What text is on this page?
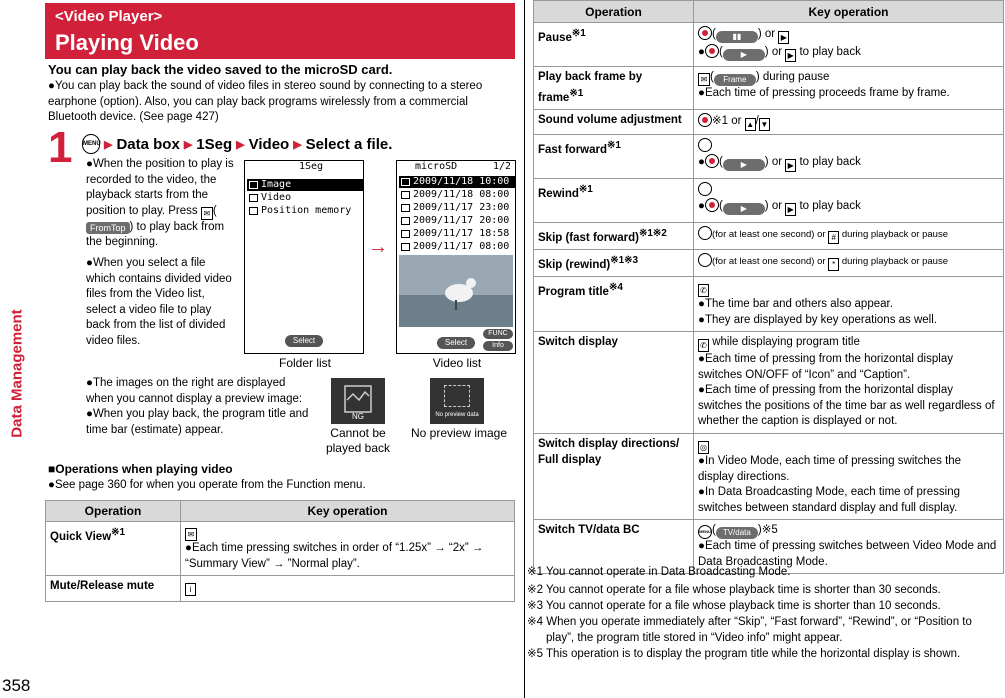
Data Management
358
<Video Player>
Playing Video
You can play back the video saved to the microSD card.
●You can play back the sound of video files in stereo sound by connecting to a stereo earphone (option). Also, you can play back programs wirelessly from a commercial Bluetooth device. (See page 427)
1 MENU ▶ Data box ▶ 1Seg ▶ Video ▶ Select a file.
●When the position to play is recorded to the video, the playback starts from the position to play. Press ✉ (FromTop ) to play back from the beginning.
●When you select a file which contains divided video files from the Video list, select a video file to play back from the list of divided video files.
1Seg
Image
Video
Position memory
Select
Folder list
→
microSD	1/2
2009/11/18 10:00
2009/11/18 08:00
2009/11/17 23:00
2009/11/17 20:00
2009/11/17 18:58
2009/11/17 08:00
FUNC
Info
Select
Video list
●The images on the right are displayed when you cannot display a preview image:
●When you play back, the program title and time bar (estimate) appear.
NG	No preview data
Cannot be played back
No preview image
■Operations when playing video
●See page 360 for when you operate from the Function menu.
Operation	Key operation
Quick View$^{※1}$	✉
●Each time pressing switches in order of “1.25x” → “2x” → “Summary View” → ”Normal play”.
Mute/Release mute	i
Operation	Key operation
Pause$^{※1}$	( ▮▮ ) or ▶
● ( ▶ ) or ▶ to play back
Play back frame by frame$^{※1}$	✉ ( Frame ) during pause
●Each time of pressing proceeds frame by frame.
Sound volume adjustment	※1 or ▲ / ▼
Fast forward$^{※1}$	● ( ▶ ) or ▶ to play back
Rewind$^{※1}$	● ( ▶ ) or ▶ to play back
Skip (fast forward)$^{※1※2}$	(for at least one second) or # during playback or pause
Skip (rewind)$^{※1※3}$	(for at least one second) or * during playback or pause
Program title$^{※4}$	✆
●The time bar and others also appear.
●They are displayed by key operations as well.
Switch display	✆ while displaying program title
●Each time of pressing from the horizontal display switches ON/OFF of “Icon” and “Caption”.
●Each time of pressing from the horizontal display switches the positions of the time bar as well regardless of whether the caption is displayed or not.
Switch display directions/ Full display	◎
●In Video Mode, each time of pressing switches the display directions.
●In Data Broadcasting Mode, each time of pressing switches between standard display and full display.
Switch TV/data BC	MENU( TV/data )※5
●Each time of pressing switches between Video Mode and Data Broadcasting Mode.
※1 You cannot operate in Data Broadcasting Mode.
※2 You cannot operate for a file whose playback time is shorter than 30 seconds.
※3 You cannot operate for a file whose playback time is shorter than 10 seconds.
※4 When you operate immediately after “Skip”, “Fast forward”, “Rewind”, or “Position to
play”, the program title stored in “Video info” might appear.
※5 This operation is to display the program title while the horizontal display is shown.
